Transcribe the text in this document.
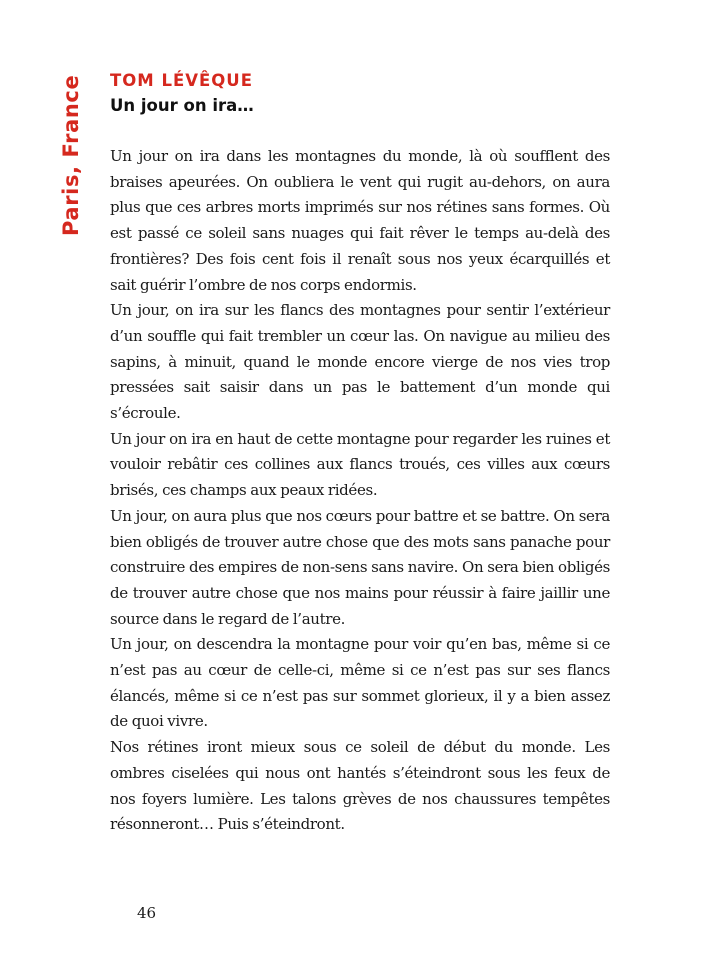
Paris, France TOM LÉVÊQUE
Un jour on ira…

Un jour on ira dans les montagnes du monde, là où soufflent des braises apeurées. On oubliera le vent qui rugit au-dehors, on aura plus que ces arbres morts imprimés sur nos rétines sans formes. Où est passé ce soleil sans nuages qui fait rêver le temps au-delà des frontières? Des fois cent fois il renaît sous nos yeux écarquillés et sait guérir l’ombre de nos corps endormis.

Un jour, on ira sur les flancs des montagnes pour sentir l’extérieur d’un souffle qui fait trembler un cœur las. On navigue au milieu des sapins, à minuit, quand le monde encore vierge de nos vies trop pressées sait saisir dans un pas le battement d’un monde qui s’écroule.

Un jour on ira en haut de cette montagne pour regarder les ruines et vouloir rebâtir ces collines aux flancs troués, ces villes aux cœurs brisés, ces champs aux peaux ridées.

Un jour, on aura plus que nos cœurs pour battre et se battre. On sera bien obligés de trouver autre chose que des mots sans panache pour construire des empires de non-sens sans navire. On sera bien obligés de trouver autre chose que nos mains pour réussir à faire jaillir une source dans le regard de l’autre.

Un jour, on descendra la montagne pour voir qu’en bas, même si ce n’est pas au cœur de celle-ci, même si ce n’est pas sur ses flancs élancés, même si ce n’est pas sur sommet glorieux, il y a bien assez de quoi vivre.

Nos rétines iront mieux sous ce soleil de début du monde. Les ombres ciselées qui nous ont hantés s’éteindront sous les feux de nos foyers lumière. Les talons grèves de nos chaussures tempêtes résonneront… Puis s’éteindront.

46
